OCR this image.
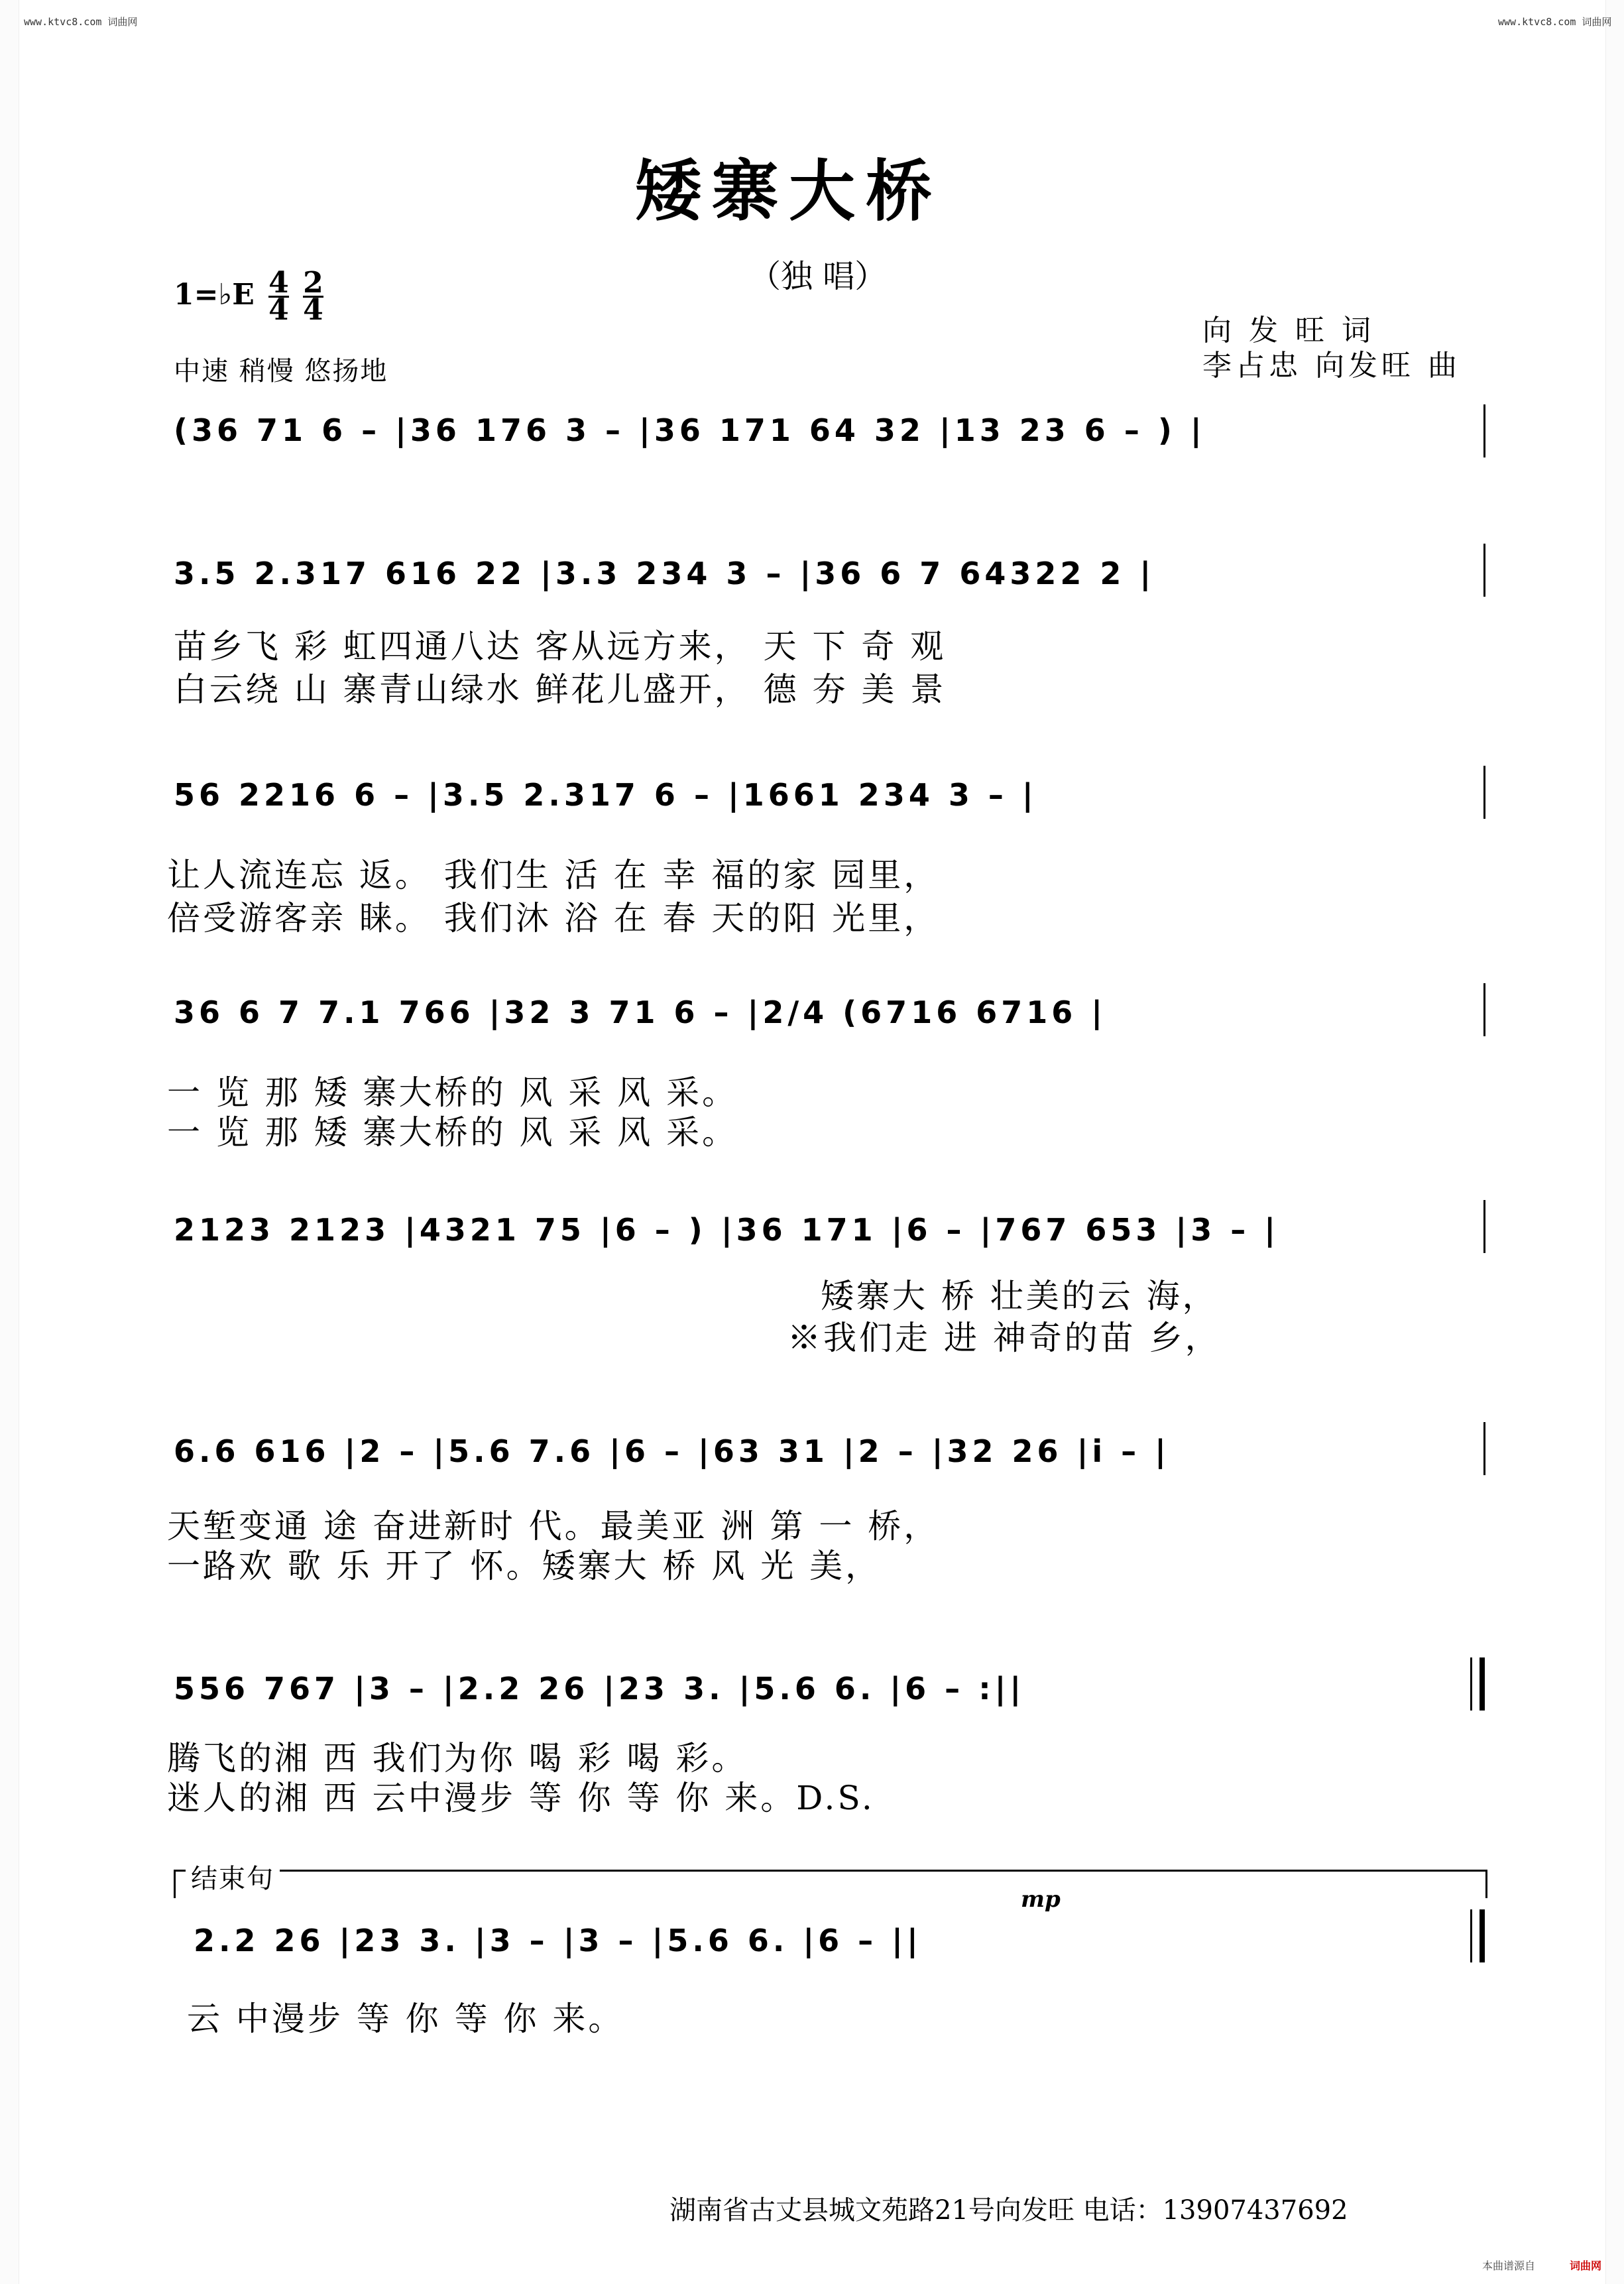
www.ktvc8.com 词曲网	www.ktvc8.com 词曲网
矮寨大桥
（独 唱）
1=♭E $\frac{4}{4}$
$\frac{2}{4}$
中速 稍慢 悠扬地
向 发 旺 词
李占忠 向发旺 曲
(36 71 6 – |36 176 3 – |36 171 64 32 |13 23 6 – ) |
3.5 2.317 616 22 |3.3 234 3 – |36 6 7 64322 2 |
苗乡飞 彩 虹四通八达 客从远方来， 天 下 奇 观
白云绕 山 寨青山绿水 鲜花儿盛开， 德 夯 美 景
56 2216 6 – |3.5 2.317 6 – |1661 234 3 – |
让人流连忘 返。 我们生 活 在 幸 福的家 园里，
倍受游客亲 睐。 我们沐 浴 在 春 天的阳 光里，
36 6 7 7.1 766 |32 3 71 6 – |2/4 (6716 6716 |
一 览 那 矮 寨大桥的 风 采 风 采。
一 览 那 矮 寨大桥的 风 采 风 采。
2123 2123 |4321 75 |6 – ) |36 171 |6 – |767 653 |3 – |
矮寨大 桥 壮美的云 海，
※我们走 进 神奇的苗 乡，
6.6 616 |2 – |5.6 7.6 |6 – |63 31 |2 – |32 26 |i – |
天堑变通 途 奋进新时 代。最美亚 洲 第 一 桥，
一路欢 歌 乐 开了 怀。矮寨大 桥 风 光 美，
556 767 |3 – |2.2 26 |23 3. |5.6 6. |6 – :||
腾飞的湘 西 我们为你 喝 彩 喝 彩。
迷人的湘 西 云中漫步 等 你 等 你 来。D.S.
结束句
mp
2.2 26 |23 3. |3 – |3 – |5.6 6. |6 – ||
云 中漫步 等 你 等 你 来。
湖南省古丈县城文苑路21号向发旺 电话：13907437692
本曲谱源自	词曲网
